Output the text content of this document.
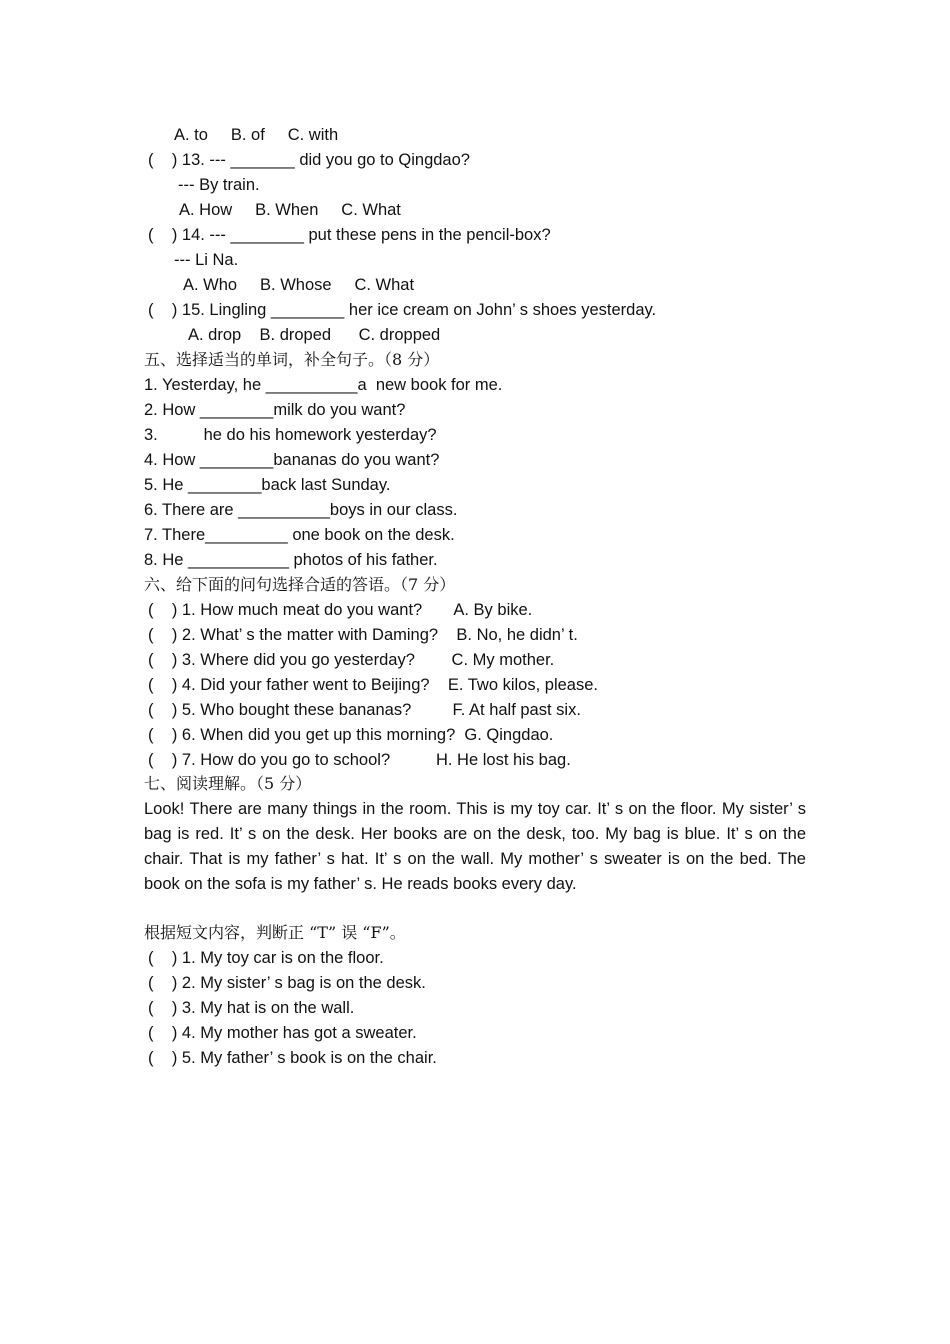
A. to     B. of     C. with
(    ) 13. --- _______ did you go to Qingdao?
--- By train.
A. How     B. When     C. What
(    ) 14. --- ________ put these pens in the pencil-box?
--- Li Na.
A. Who     B. Whose     C. What
(    ) 15. Lingling ________ her ice cream on John’ s shoes yesterday.
A. drop    B. droped      C. dropped
五、选择适当的单词，补全句子。（8 分）
1. Yesterday, he __________a  new book for me.
2. How ________milk do you want?
3.          he do his homework yesterday?
4. How ________bananas do you want?
5. He ________back last Sunday.
6. There are __________boys in our class.
7. There_________ one book on the desk.
8. He ___________ photos of his father.
六、给下面的问句选择合适的答语。（7 分）
(    ) 1. How much meat do you want?       A. By bike.
(    ) 2. What’ s the matter with Daming?    B. No, he didn’ t.
(    ) 3. Where did you go yesterday?        C. My mother.
(    ) 4. Did your father went to Beijing?    E. Two kilos, please.
(    ) 5. Who bought these bananas?         F. At half past six.
(    ) 6. When did you get up this morning?  G. Qingdao.
(    ) 7. How do you go to school?          H. He lost his bag.
七、阅读理解。（5 分）
Look! There are many things in the room. This is my toy car. It’ s on the floor. My sister’ s bag is red. It’ s on the desk. Her books are on the desk, too. My bag is blue. It’ s on the chair. That is my father’ s hat. It’ s on the wall. My mother’ s sweater is on the bed. The book on the sofa is my father’ s. He reads books every day.
根据短文内容，判断正 “T” 误 “F”。
(    ) 1. My toy car is on the floor.
(    ) 2. My sister’ s bag is on the desk.
(    ) 3. My hat is on the wall.
(    ) 4. My mother has got a sweater.
(    ) 5. My father’ s book is on the chair.
